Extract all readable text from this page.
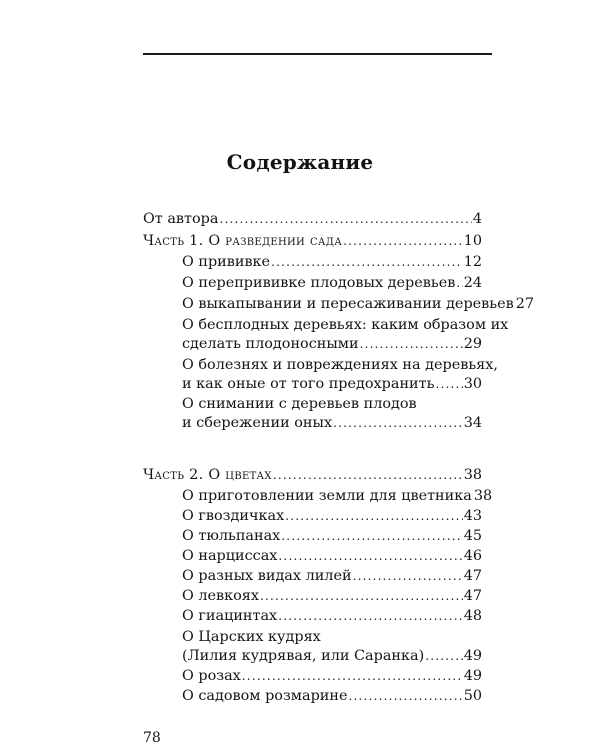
Содержание
От автора .....	4
Часть 1. О разведении сада .....	10
О прививке .....	12
О перепрививке плодовых деревьев ..... 24
О выкапывании и пересаживании деревьев 27
О бесплодных деревьях: каким образом их
сделать плодоносными .....	29
О болезнях и повреждениях на деревьях,
и как оные от того предохранить ..... 30
О снимании с деревьев плодов
и сбережении оных .....	34
Часть 2. О цветах .....	38
О приготовлении земли для цветника 38
О гвоздичках .....	43
О тюльпанах .....	45
О нарциссах .....	46
О разных видах лилей .....	47
О левкоях .....	47
О гиацинтах .....	48
О Царских кудрях
(Лилия кудрявая, или Саранка) .....	49
О розах .....	49
О садовом розмарине .....	50
78
